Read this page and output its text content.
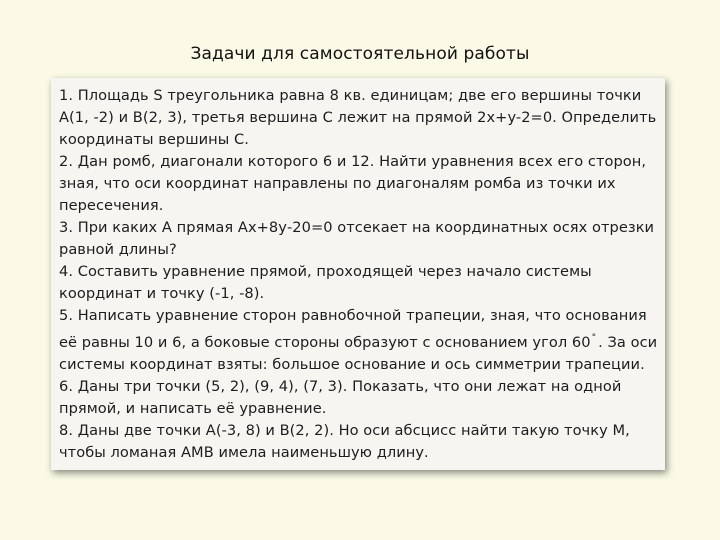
Задачи для самостоятельной работы
1. Площадь S треугольника равна 8 кв. единицам; две его вершины точки
А(1, -2) и В(2, 3), третья вершина С лежит на прямой 2x+y-2=0. Определить
координаты вершины С.
2. Дан ромб, диагонали которого 6 и 12. Найти уравнения всех его сторон,
зная, что оси координат направлены по диагоналям ромба из точки их
пересечения.
3. При каких А прямая Ах+8у-20=0 отсекает на координатных осях отрезки
равной длины?
4. Составить уравнение прямой, проходящей через начало системы
координат и точку (-1, -8).
5. Написать уравнение сторон равнобочной трапеции, зная, что основания
её равны 10 и 6, а боковые стороны образуют с основанием угол 60° . За оси
системы координат взяты: большое основание и ось симметрии трапеции.
6. Даны три точки (5, 2), (9, 4), (7, 3). Показать, что они лежат на одной
прямой, и написать её уравнение.
8. Даны две точки А(-3, 8) и В(2, 2). Но оси абсцисс найти такую точку М,
чтобы ломаная АМВ имела наименьшую длину.
